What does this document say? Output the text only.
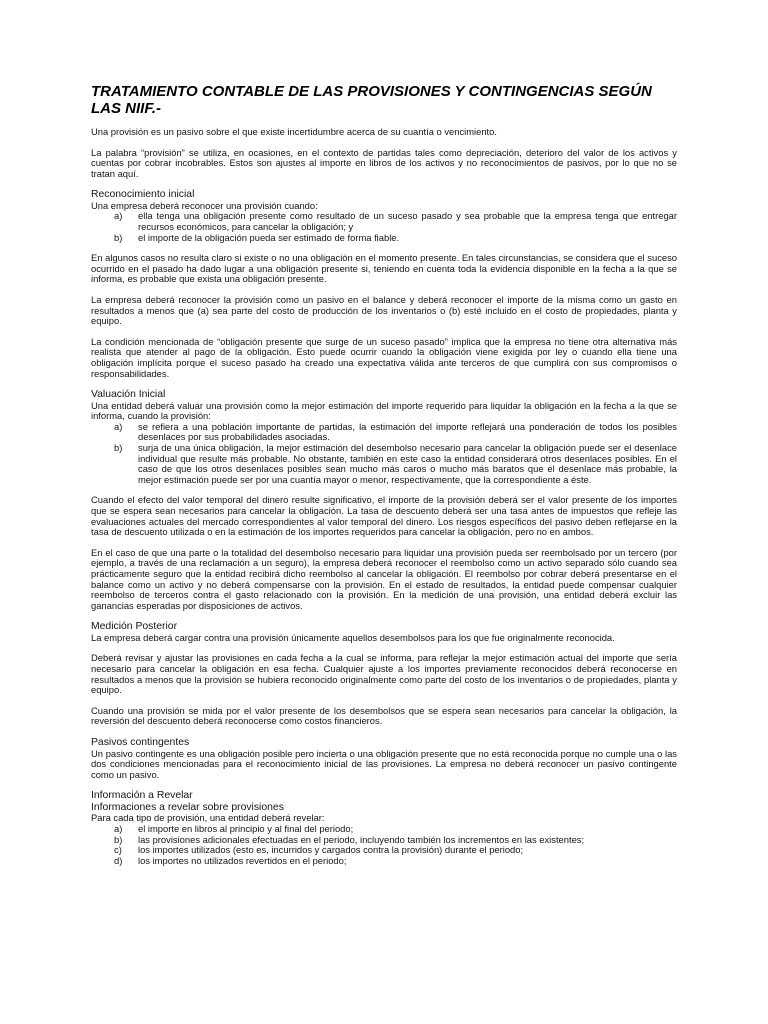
TRATAMIENTO CONTABLE DE LAS PROVISIONES Y CONTINGENCIAS SEGÚN LAS NIIF.-

Una provisión es un pasivo sobre el que existe incertidumbre acerca de su cuantía o vencimiento.

La palabra “provisión” se utiliza, en ocasiones, en el contexto de partidas tales como depreciación, deterioro del valor de los activos y cuentas por cobrar incobrables. Estos son ajustes al importe en libros de los activos y no reconocimientos de pasivos, por lo que no se tratan aquí.

Reconocimiento inicial
Una empresa deberá reconocer una provisión cuando:
a)	ella tenga una obligación presente como resultado de un suceso pasado y sea probable que la empresa tenga que entregar recursos económicos, para cancelar la obligación; y
b)	el importe de la obligación pueda ser estimado de forma fiable.

En algunos casos no resulta claro si existe o no una obligación en el momento presente. En tales circunstancias, se considera que el suceso ocurrido en el pasado ha dado lugar a una obligación presente si, teniendo en cuenta toda la evidencia disponible en la fecha a la que se informa, es probable que exista una obligación presente.

La empresa deberá reconocer la provisión como un pasivo en el balance y deberá reconocer el importe de la misma como un gasto en resultados a menos que (a) sea parte del costo de producción de los inventarios o (b) esté incluido en el costo de propiedades, planta y equipo.

La condición mencionada de “obligación presente que surge de un suceso pasado” implica que la empresa no tiene otra alternativa más realista que atender al pago de la obligación. Esto puede ocurrir cuando la obligación viene exigida por ley o cuando ella tiene una obligación implícita porque el suceso pasado ha creado una expectativa válida ante terceros de que cumplirá con sus compromisos o responsabilidades.

Valuación Inicial
Una entidad deberá valuar una provisión como la mejor estimación del importe requerido para liquidar la obligación en la fecha a la que se informa, cuando la provisión:
a)	se refiera a una población importante de partidas, la estimación del importe reflejará una ponderación de todos los posibles desenlaces por sus probabilidades asociadas.
b)	surja de una única obligación, la mejor estimación del desembolso necesario para cancelar la obligación puede ser el desenlace individual que resulte más probable. No obstante, también en este caso la entidad considerará otros desenlaces posibles. En el caso de que los otros desenlaces posibles sean mucho más caros o mucho más baratos que el desenlace más probable, la mejor estimación puede ser por una cuantía mayor o menor, respectivamente, que la correspondiente a éste.

Cuando el efecto del valor temporal del dinero resulte significativo, el importe de la provisión deberá ser el valor presente de los importes que se espera sean necesarios para cancelar la obligación. La tasa de descuento deberá ser una tasa antes de impuestos que refleje las evaluaciones actuales del mercado correspondientes al valor temporal del dinero. Los riesgos específicos del pasivo deben reflejarse en la tasa de descuento utilizada o en la estimación de los importes requeridos para cancelar la obligación, pero no en ambos.

En el caso de que una parte o la totalidad del desembolso necesario para liquidar una provisión pueda ser reembolsado por un tercero (por ejemplo, a través de una reclamación a un seguro), la empresa deberá reconocer el reembolso como un activo separado sólo cuando sea prácticamente seguro que la entidad recibirá dicho reembolso al cancelar la obligación. El reembolso por cobrar deberá presentarse en el balance como un activo y no deberá compensarse con la provisión. En el estado de resultados, la entidad puede compensar cualquier reembolso de terceros contra el gasto relacionado con la provisión. En la medición de una provisión, una entidad deberá excluir las ganancias esperadas por disposiciones de activos.

Medición Posterior

La empresa deberá cargar contra una provisión únicamente aquellos desembolsos para los que fue originalmente reconocida.

Deberá revisar y ajustar las provisiones en cada fecha a la cual se informa, para reflejar la mejor estimación actual del importe que sería necesario para cancelar la obligación en esa fecha. Cualquier ajuste a los importes previamente reconocidos deberá reconocerse en resultados a menos que la provisión se hubiera reconocido originalmente como parte del costo de los inventarios o de propiedades, planta y equipo.

Cuando una provisión se mida por el valor presente de los desembolsos que se espera sean necesarios para cancelar la obligación, la reversión del descuento deberá reconocerse como costos financieros.

Pasivos contingentes

Un pasivo contingente es una obligación posible pero incierta o una obligación presente que no está reconocida porque no cumple una o las dos condiciones mencionadas para el reconocimiento inicial de las provisiones. La empresa no deberá reconocer un pasivo contingente como un pasivo.

Información a Revelar
Informaciones a revelar sobre provisiones
Para cada tipo de provisión, una entidad deberá revelar:
a)	el importe en libros al principio y al final del periodo;
b)	las provisiones adicionales efectuadas en el periodo, incluyendo también los incrementos en las existentes;
c)	los importes utilizados (esto es, incurridos y cargados contra la provisión) durante el periodo;
d)	los importes no utilizados revertidos en el periodo;
